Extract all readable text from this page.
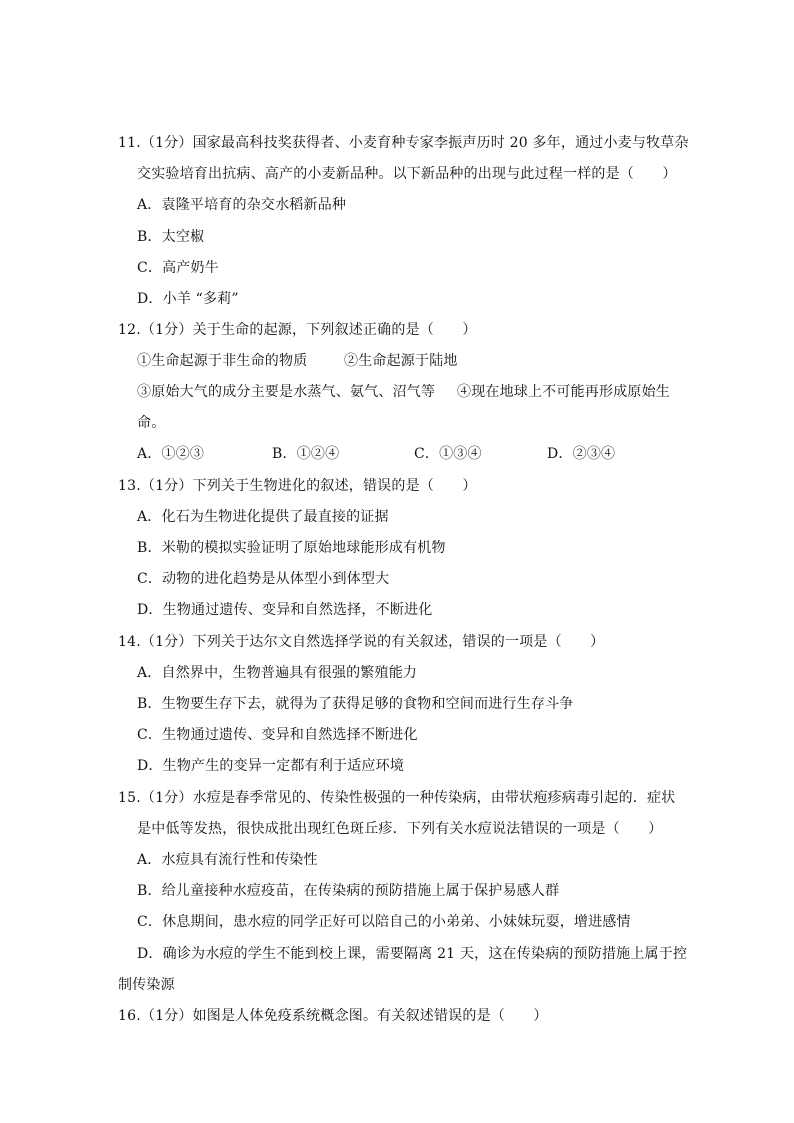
11.（1分）国家最高科技奖获得者、小麦育种专家李振声历时 20 多年，通过小麦与牧草杂
交实验培育出抗病、高产的小麦新品种。以下新品种的出现与此过程一样的是（　　）
A．袁隆平培育的杂交水稻新品种
B．太空椒
C．高产奶牛
D．小羊 “多莉”
12.（1分）关于生命的起源，下列叙述正确的是（　　）
①生命起源于非生命的物质	②生命起源于陆地
③原始大气的成分主要是水蒸气、氨气、沼气等 ④现在地球上不可能再形成原始生
命。
A．①②③	B．①②④	C．①③④	D．②③④
13.（1分）下列关于生物进化的叙述，错误的是（　　）
A．化石为生物进化提供了最直接的证据
B．米勒的模拟实验证明了原始地球能形成有机物
C．动物的进化趋势是从体型小到体型大
D．生物通过遗传、变异和自然选择，不断进化
14.（1分）下列关于达尔文自然选择学说的有关叙述，错误的一项是（　　）
A．自然界中，生物普遍具有很强的繁殖能力
B．生物要生存下去，就得为了获得足够的食物和空间而进行生存斗争
C．生物通过遗传、变异和自然选择不断进化
D．生物产生的变异一定都有利于适应环境
15.（1分）水痘是春季常见的、传染性极强的一种传染病，由带状疱疹病毒引起的．症状
是中低等发热，很快成批出现红色斑丘疹．下列有关水痘说法错误的一项是（　　）
A．水痘具有流行性和传染性
B．给儿童接种水痘疫苗，在传染病的预防措施上属于保护易感人群
C．休息期间，患水痘的同学正好可以陪自己的小弟弟、小妹妹玩耍，增进感情
D．确诊为水痘的学生不能到校上课，需要隔离 21 天，这在传染病的预防措施上属于控
制传染源
16.（1分）如图是人体免疫系统概念图。有关叙述错误的是（　　）
